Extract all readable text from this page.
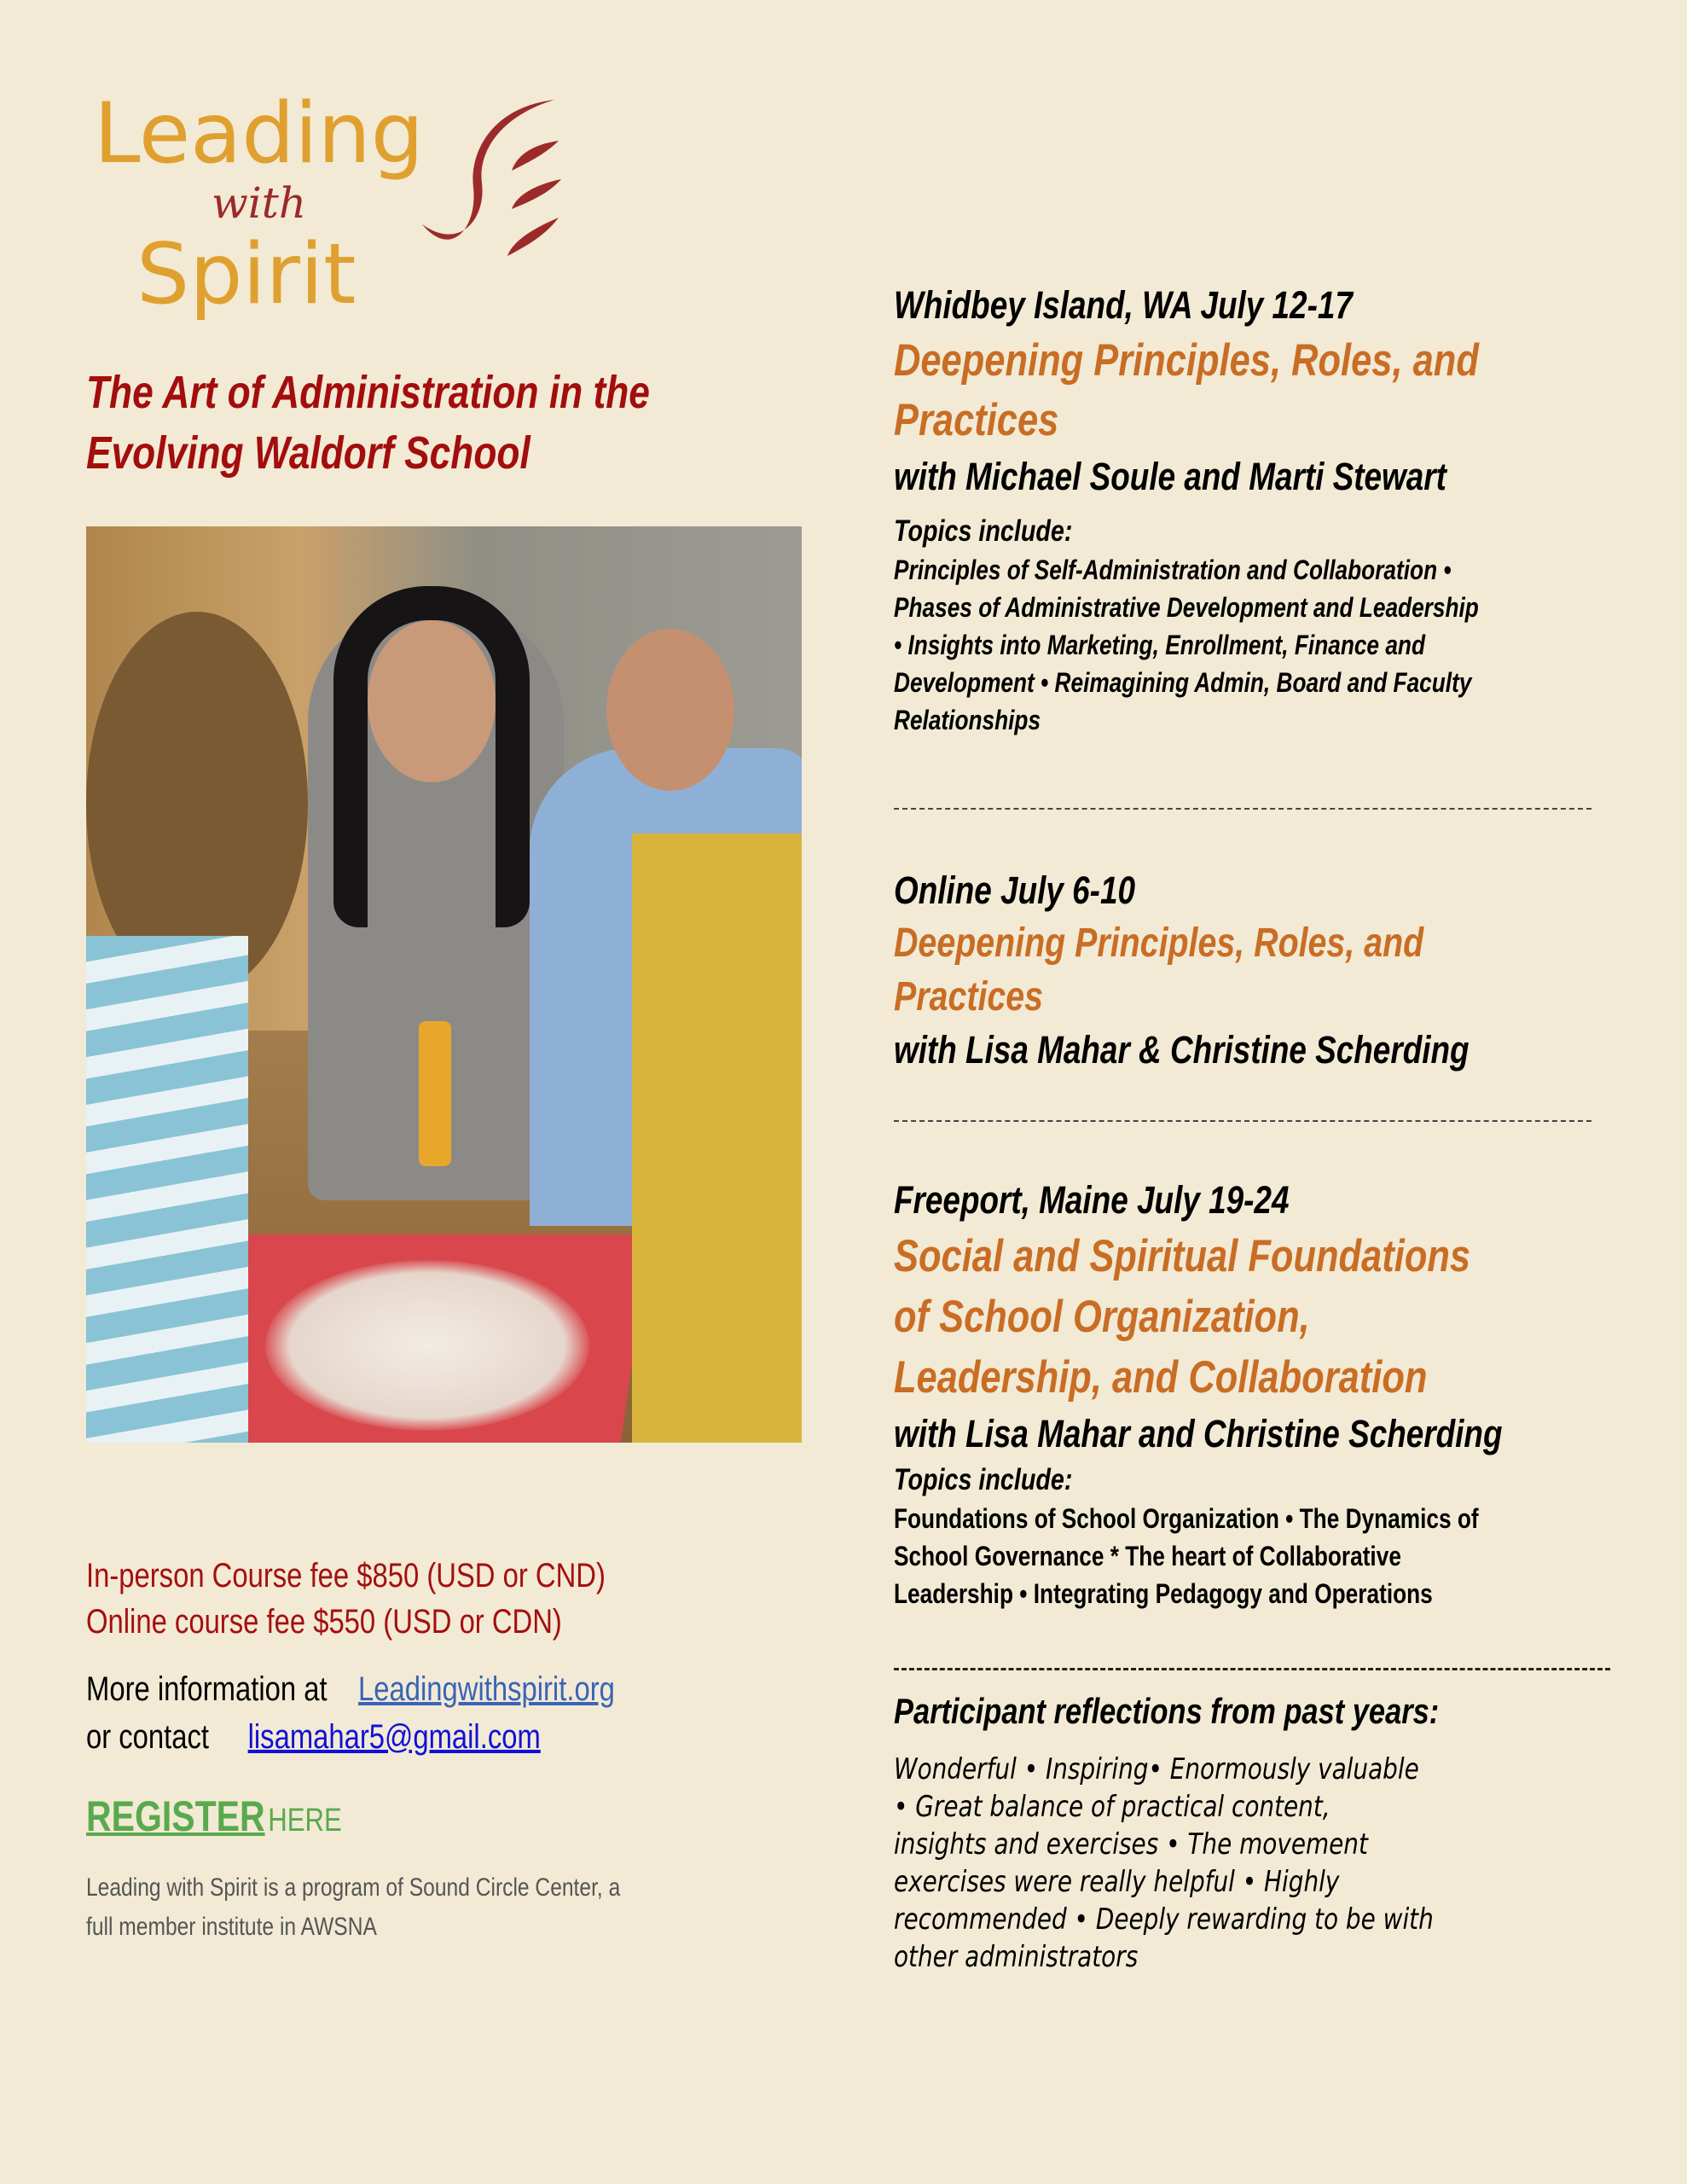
Leading
with
Spirit
The Art of Administration in the
Evolving Waldorf School
In-person Course fee $850 (USD or CND)
Online course fee $550 (USD or CDN)
More information at Leadingwithspirit.org
or contact lisamahar5@gmail.com
REGISTER HERE
Leading with Spirit is a program of Sound Circle Center, a
full member institute in AWSNA
Whidbey Island, WA July 12-17
Deepening Principles, Roles, and
Practices
with Michael Soule and Marti Stewart
Topics include:
Principles of Self-Administration and Collaboration •
Phases of Administrative Development and Leadership
• Insights into Marketing, Enrollment, Finance and
Development • Reimagining Admin, Board and Faculty
Relationships
Online July 6-10
Deepening Principles, Roles, and
Practices
with Lisa Mahar & Christine Scherding
Freeport, Maine July 19-24
Social and Spiritual Foundations
of School Organization,
Leadership, and Collaboration
with Lisa Mahar and Christine Scherding
Topics include:
Foundations of School Organization • The Dynamics of
School Governance * The heart of Collaborative
Leadership • Integrating Pedagogy and Operations
Participant reflections from past years:
Wonderful • Inspiring• Enormously valuable
• Great balance of practical content,
insights and exercises • The movement
exercises were really helpful • Highly
recommended • Deeply rewarding to be with
other administrators
